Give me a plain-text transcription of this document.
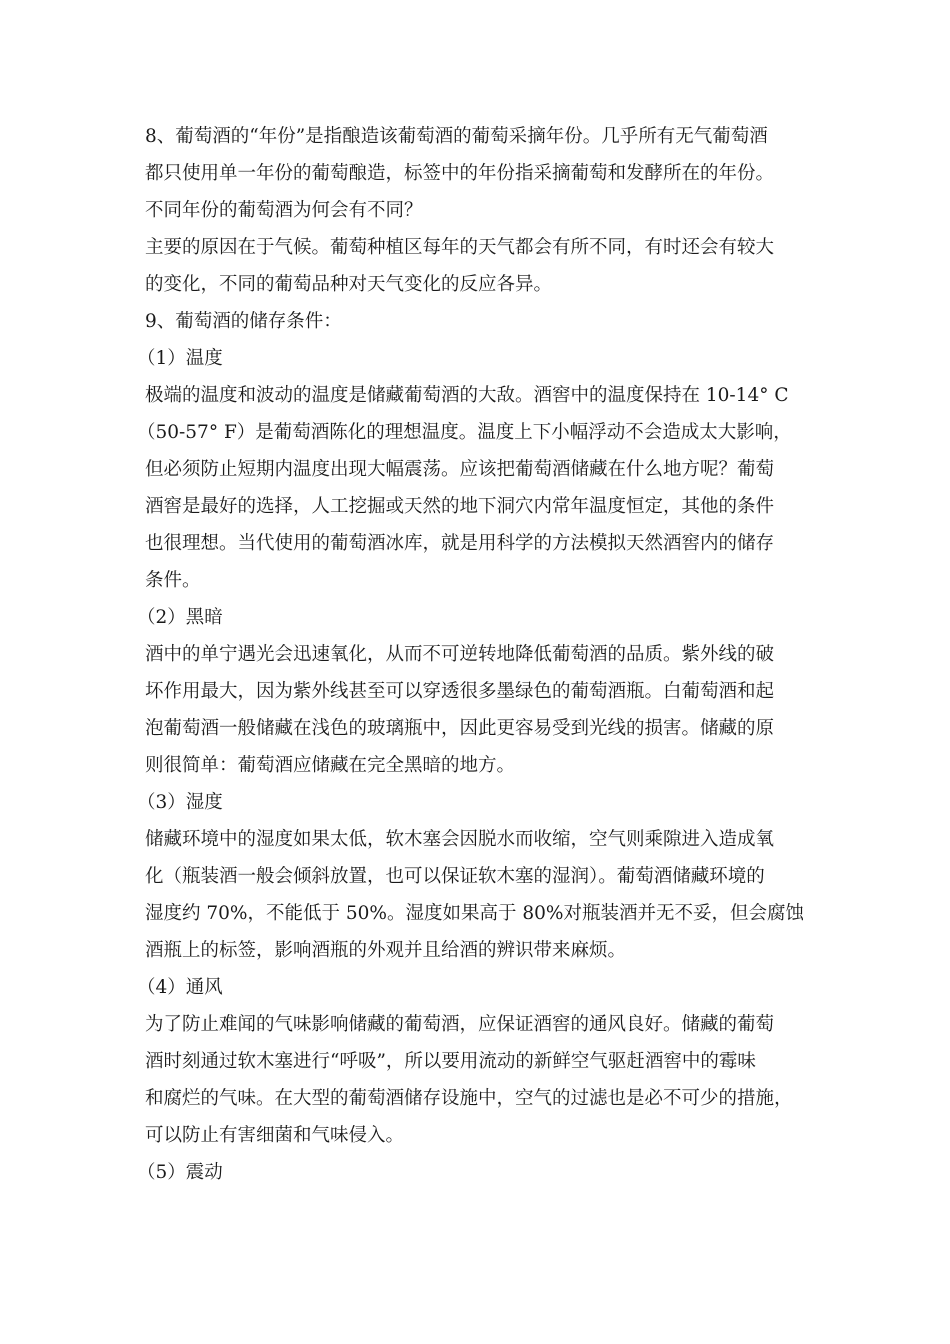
8、葡萄酒的“年份”是指酿造该葡萄酒的葡萄采摘年份。几乎所有无气葡萄酒
都只使用单一年份的葡萄酿造，标签中的年份指采摘葡萄和发酵所在的年份。
不同年份的葡萄酒为何会有不同？
主要的原因在于气候。葡萄种植区每年的天气都会有所不同，有时还会有较大
的变化，不同的葡萄品种对天气变化的反应各异。
9、葡萄酒的储存条件：
（1）温度
极端的温度和波动的温度是储藏葡萄酒的大敌。酒窖中的温度保持在 10-14° C
（50-57° F）是葡萄酒陈化的理想温度。温度上下小幅浮动不会造成太大影响，
但必须防止短期内温度出现大幅震荡。应该把葡萄酒储藏在什么地方呢？葡萄
酒窖是最好的选择，人工挖掘或天然的地下洞穴内常年温度恒定，其他的条件
也很理想。当代使用的葡萄酒冰库，就是用科学的方法模拟天然酒窖内的储存
条件。
（2）黑暗
酒中的单宁遇光会迅速氧化，从而不可逆转地降低葡萄酒的品质。紫外线的破
坏作用最大，因为紫外线甚至可以穿透很多墨绿色的葡萄酒瓶。白葡萄酒和起
泡葡萄酒一般储藏在浅色的玻璃瓶中，因此更容易受到光线的损害。储藏的原
则很简单：葡萄酒应储藏在完全黑暗的地方。
（3）湿度
储藏环境中的湿度如果太低，软木塞会因脱水而收缩，空气则乘隙进入造成氧
化（瓶装酒一般会倾斜放置，也可以保证软木塞的湿润）。葡萄酒储藏环境的
湿度约 70%，不能低于 50%。湿度如果高于 80%对瓶装酒并无不妥，但会腐蚀
酒瓶上的标签，影响酒瓶的外观并且给酒的辨识带来麻烦。
（4）通风
为了防止难闻的气味影响储藏的葡萄酒，应保证酒窖的通风良好。储藏的葡萄
酒时刻通过软木塞进行“呼吸”，所以要用流动的新鲜空气驱赶酒窖中的霉味
和腐烂的气味。在大型的葡萄酒储存设施中，空气的过滤也是必不可少的措施，
可以防止有害细菌和气味侵入。
（5）震动
